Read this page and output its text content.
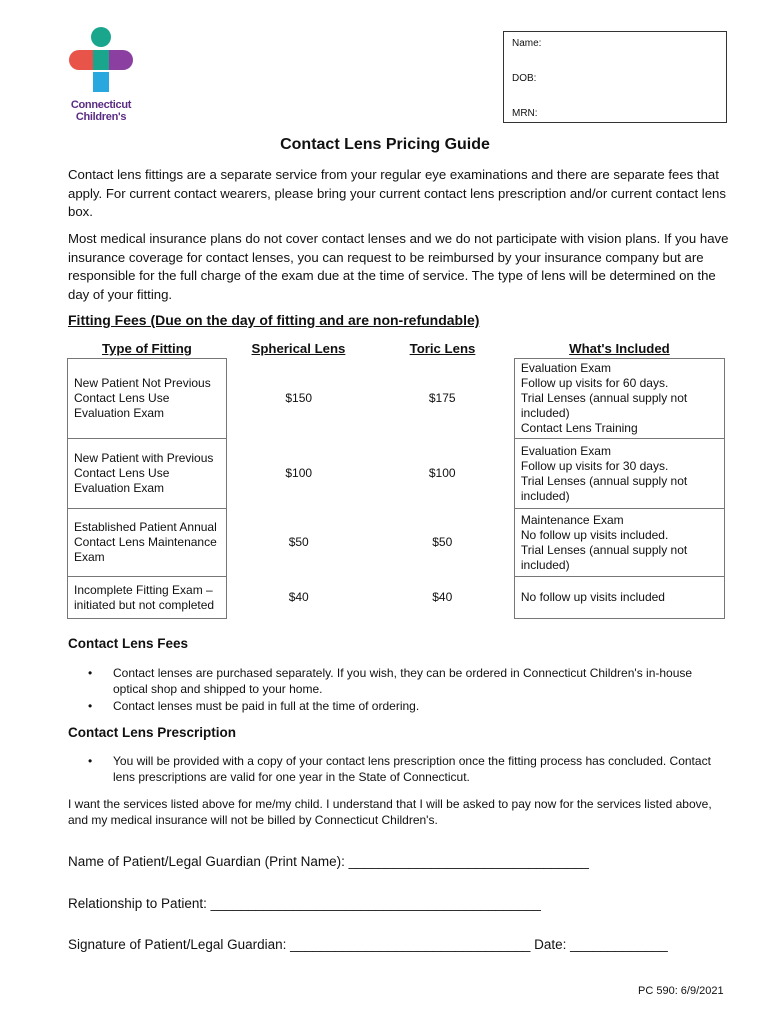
Connecticut
Children's
Name:
DOB:
MRN:
Contact Lens Pricing Guide
Contact lens fittings are a separate service from your regular eye examinations and there are separate fees that apply. For current contact wearers, please bring your current contact lens prescription and/or current contact lens box.
Most medical insurance plans do not cover contact lenses and we do not participate with vision plans. If you have insurance coverage for contact lenses, you can request to be reimbursed by your insurance company but are responsible for the full charge of the exam due at the time of service. The type of lens will be determined on the day of your fitting.
Fitting Fees (Due on the day of fitting and are non-refundable)
Type of Fitting	Spherical Lens	Toric Lens	What's Included
New Patient Not Previous Contact Lens Use Evaluation Exam	$150	$175	Evaluation Exam
Follow up visits for 60 days.
Trial Lenses (annual supply not included)
Contact Lens Training

New Patient with Previous Contact Lens Use Evaluation Exam	$100	$100	Evaluation Exam
Follow up visits for 30 days.
Trial Lenses (annual supply not included)

Established Patient Annual Contact Lens Maintenance Exam	$50	$50	Maintenance Exam
No follow up visits included.
Trial Lenses (annual supply not included)

Incomplete Fitting Exam – initiated but not completed	$40	$40	No follow up visits included
Contact Lens Fees
• Contact lenses are purchased separately. If you wish, they can be ordered in Connecticut Children's in-house optical shop and shipped to your home.
• Contact lenses must be paid in full at the time of ordering.
Contact Lens Prescription
• You will be provided with a copy of your contact lens prescription once the fitting process has concluded. Contact lens prescriptions are valid for one year in the State of Connecticut.
I want the services listed above for me/my child. I understand that I will be asked to pay now for the services listed above, and my medical insurance will not be billed by Connecticut Children's.
Name of Patient/Legal Guardian (Print Name): ________________________________
Relationship to Patient: ____________________________________________
Signature of Patient/Legal Guardian: ________________________________ Date: _____________
PC 590: 6/9/2021
